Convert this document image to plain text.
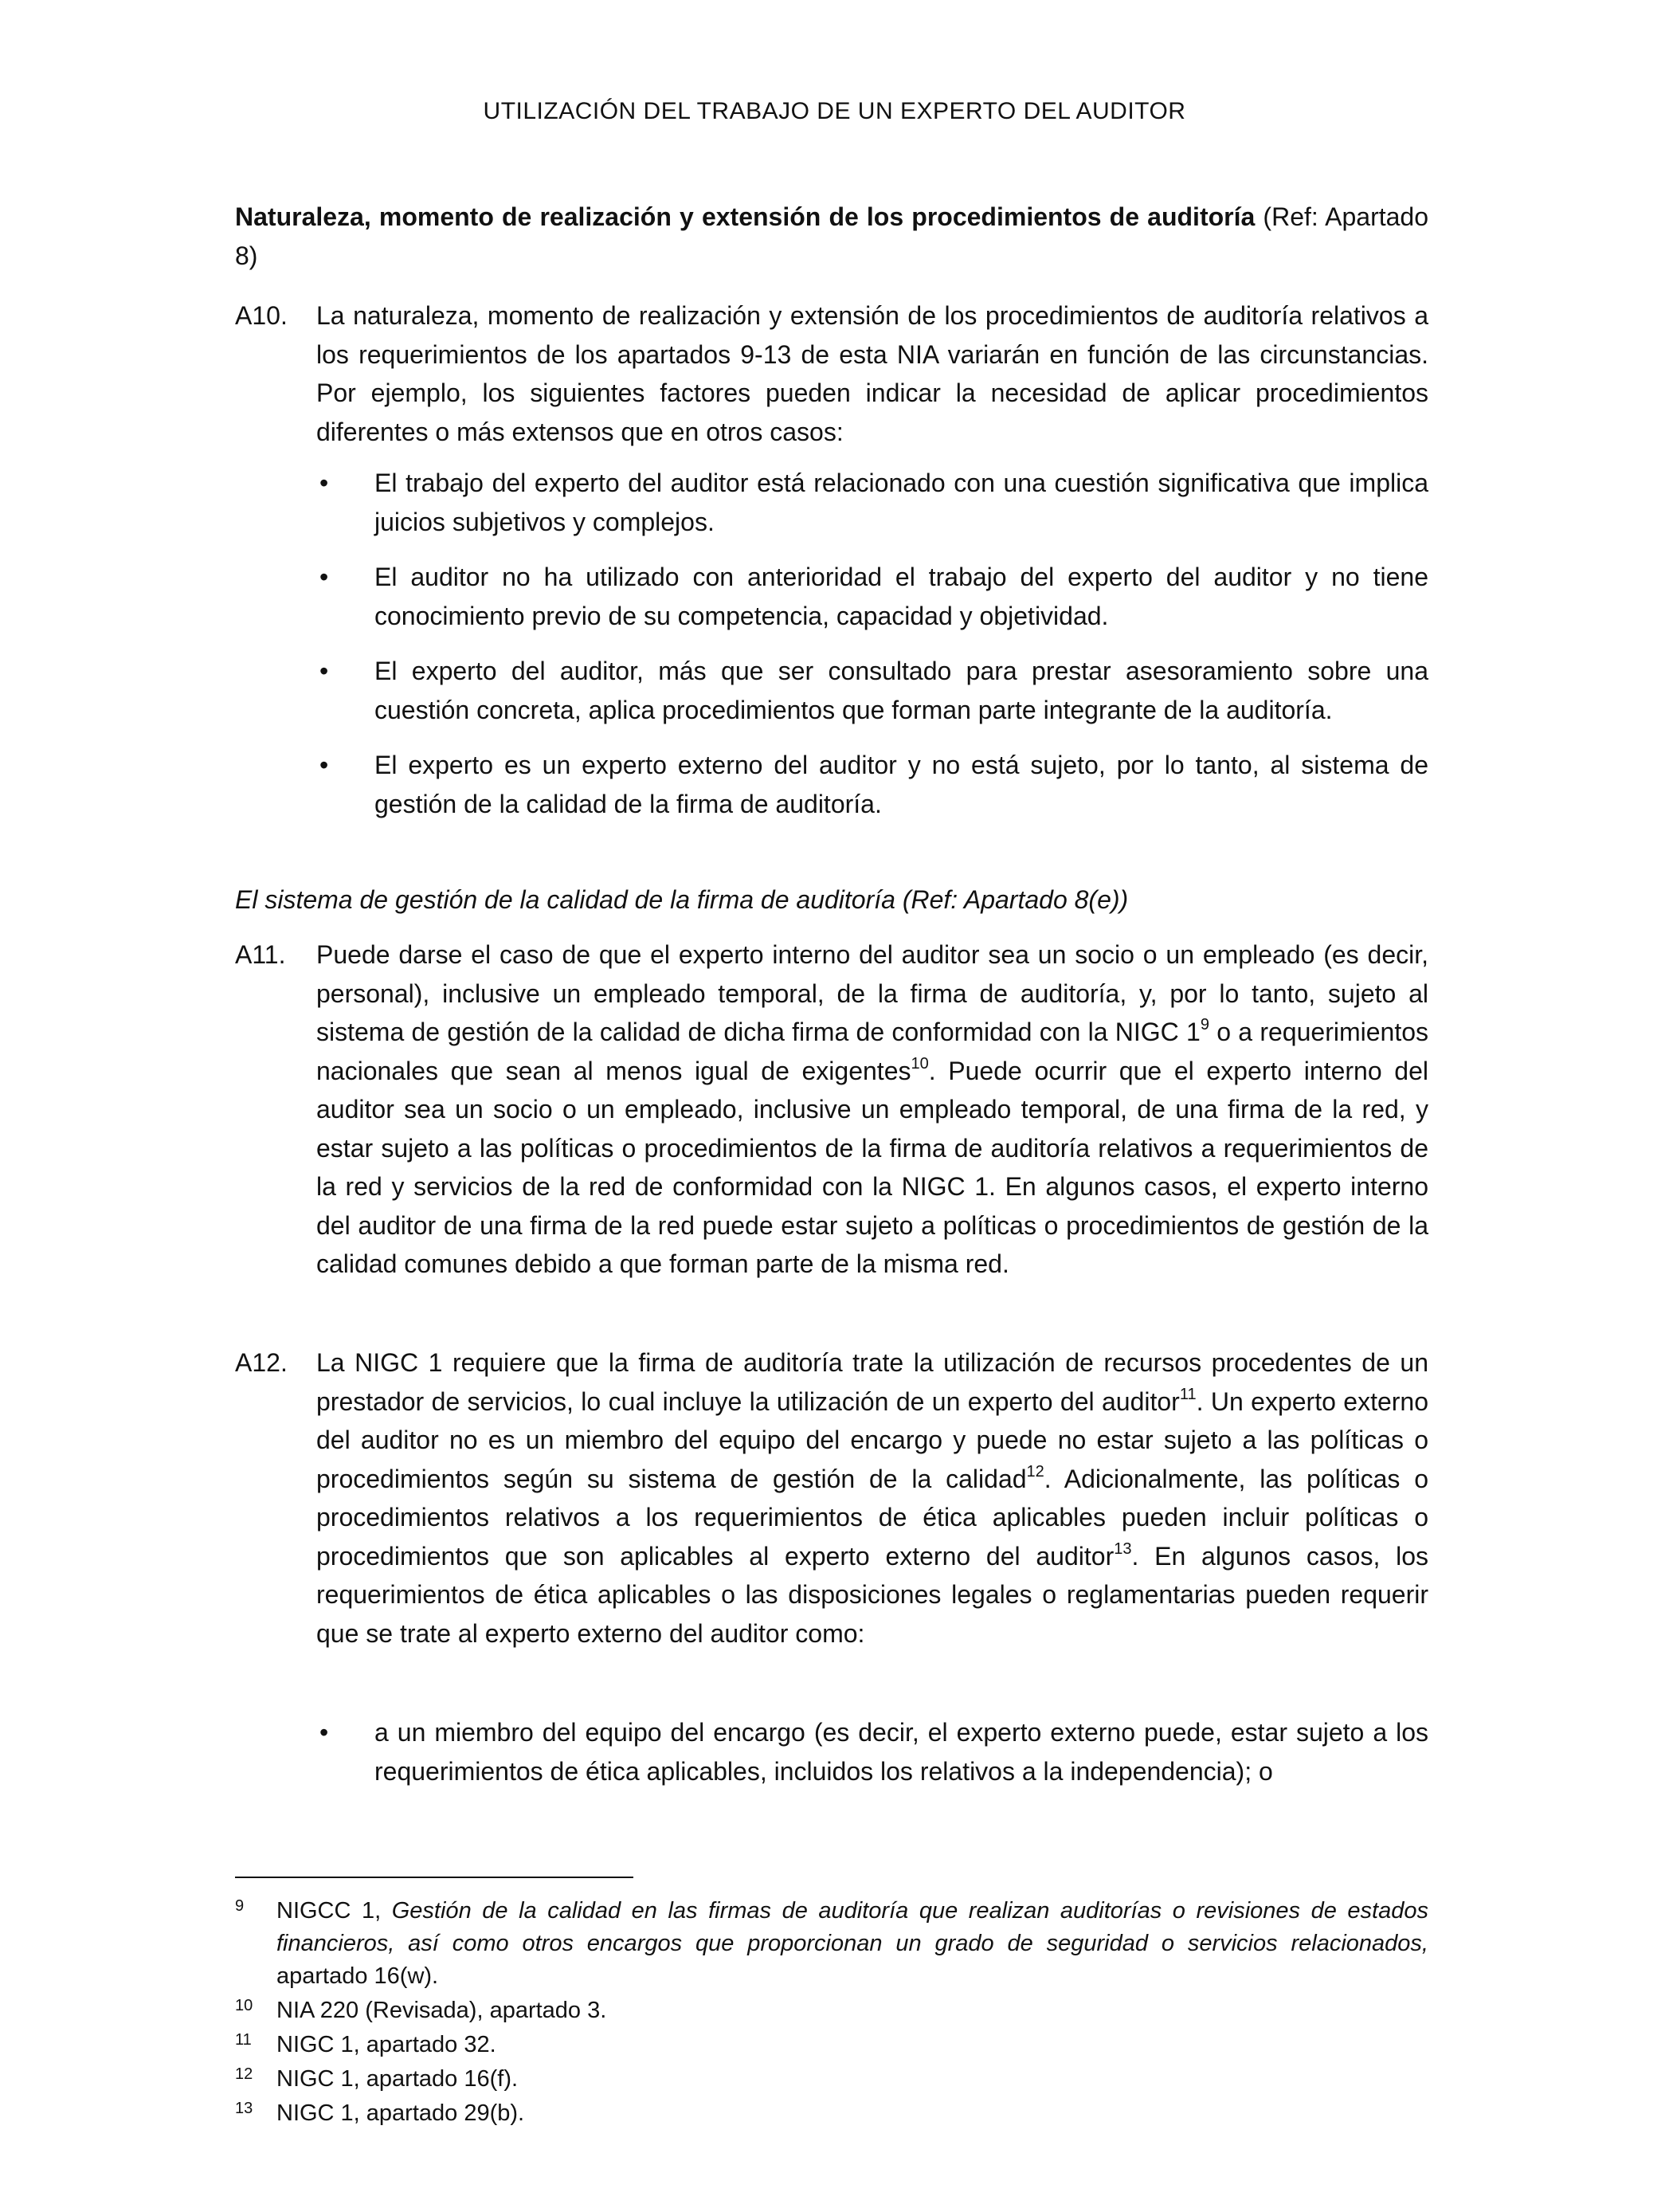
UTILIZACIÓN DEL TRABAJO DE UN EXPERTO DEL AUDITOR
Naturaleza, momento de realización y extensión de los procedimientos de auditoría (Ref: Apartado 8)
A10. La naturaleza, momento de realización y extensión de los procedimientos de auditoría relativos a los requerimientos de los apartados 9-13 de esta NIA variarán en función de las circunstancias. Por ejemplo, los siguientes factores pueden indicar la necesidad de aplicar procedimientos diferentes o más extensos que en otros casos:
• El trabajo del experto del auditor está relacionado con una cuestión significativa que implica juicios subjetivos y complejos.
• El auditor no ha utilizado con anterioridad el trabajo del experto del auditor y no tiene conocimiento previo de su competencia, capacidad y objetividad.
• El experto del auditor, más que ser consultado para prestar asesoramiento sobre una cuestión concreta, aplica procedimientos que forman parte integrante de la auditoría.
• El experto es un experto externo del auditor y no está sujeto, por lo tanto, al sistema de gestión de la calidad de la firma de auditoría.
El sistema de gestión de la calidad de la firma de auditoría (Ref: Apartado 8(e))
A11. Puede darse el caso de que el experto interno del auditor sea un socio o un empleado (es decir, personal), inclusive un empleado temporal, de la firma de auditoría, y, por lo tanto, sujeto al sistema de gestión de la calidad de dicha firma de conformidad con la NIGC $1^9$ o a requerimientos nacionales que sean al menos igual de exigentes$^{10}$. Puede ocurrir que el experto interno del auditor sea un socio o un empleado, inclusive un empleado temporal, de una firma de la red, y estar sujeto a las políticas o procedimientos de la firma de auditoría relativos a requerimientos de la red y servicios de la red de conformidad con la NIGC 1. En algunos casos, el experto interno del auditor de una firma de la red puede estar sujeto a políticas o procedimientos de gestión de la calidad comunes debido a que forman parte de la misma red.
A12. La NIGC 1 requiere que la firma de auditoría trate la utilización de recursos procedentes de un prestador de servicios, lo cual incluye la utilización de un experto del auditor$^{11}$. Un experto externo del auditor no es un miembro del equipo del encargo y puede no estar sujeto a las políticas o procedimientos según su sistema de gestión de la calidad$^{12}$. Adicionalmente, las políticas o procedimientos relativos a los requerimientos de ética aplicables pueden incluir políticas o procedimientos que son aplicables al experto externo del auditor$^{13}$. En algunos casos, los requerimientos de ética aplicables o las disposiciones legales o reglamentarias pueden requerir que se trate al experto externo del auditor como:
• a un miembro del equipo del encargo (es decir, el experto externo puede, estar sujeto a los requerimientos de ética aplicables, incluidos los relativos a la independencia); o
9 NIGCC 1, Gestión de la calidad en las firmas de auditoría que realizan auditorías o revisiones de estados financieros, así como otros encargos que proporcionan un grado de seguridad o servicios relacionados, apartado 16(w).
10 NIA 220 (Revisada), apartado 3.
11 NIGC 1, apartado 32.
12 NIGC 1, apartado 16(f).
13 NIGC 1, apartado 29(b).
